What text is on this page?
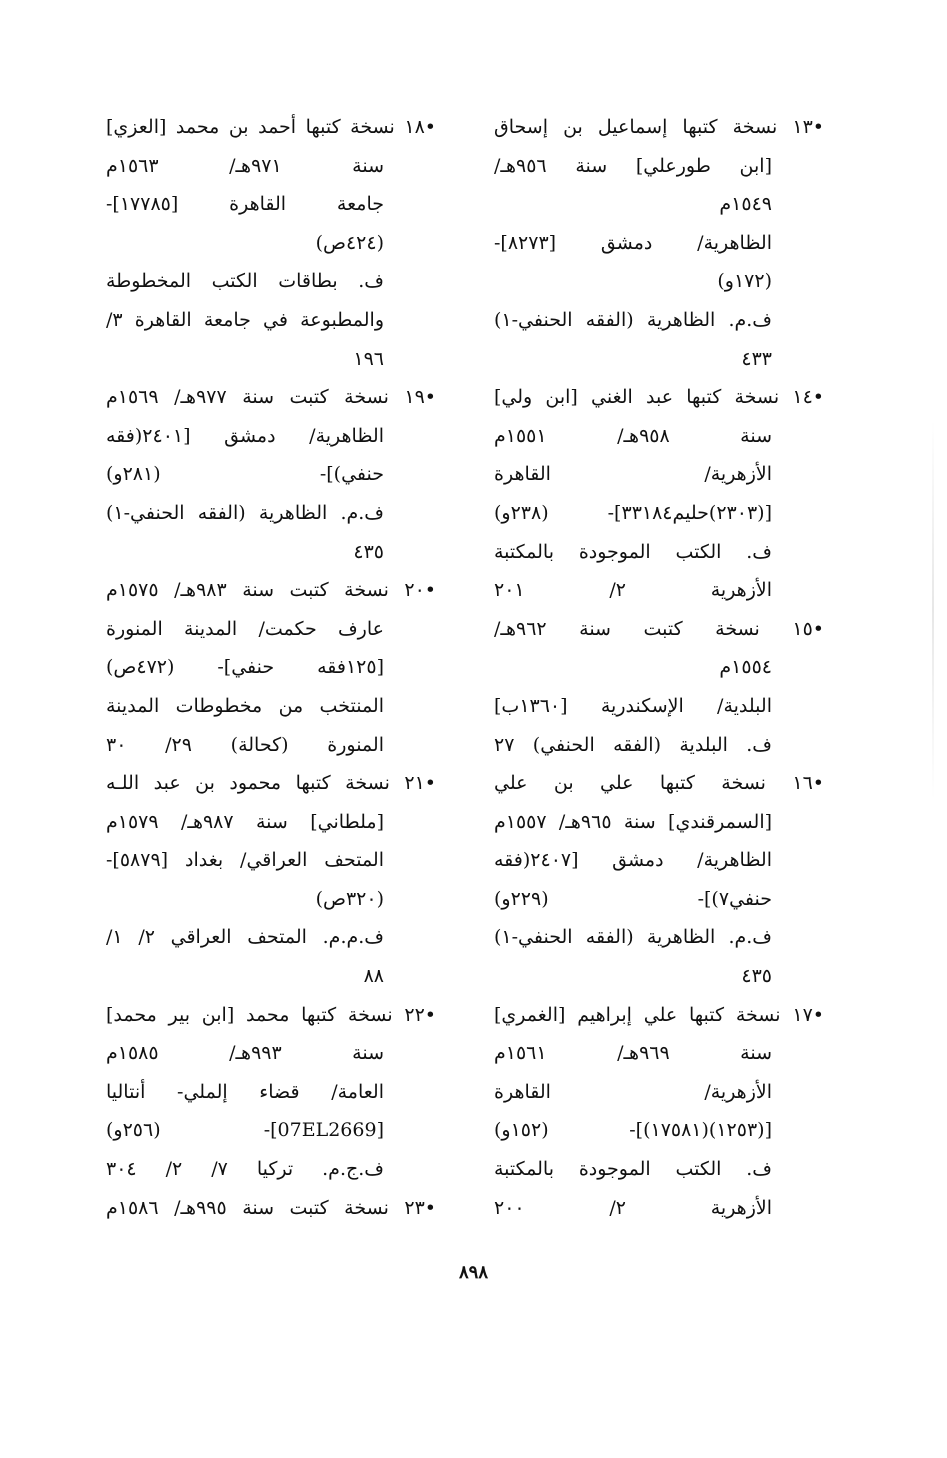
•١٣ نسخة كتبها إسماعيل بن إسحاق
[ابن طورعلي] سنة ٩٥٦هـ/
١٥٤٩م
الظاهرية/ دمشق [٨٢٧٣]-
(١٧٢و)
ف.م. الظاهرية (الفقه الحنفي-١)
٤٣٣
•١٤ نسخة كتبها عبد الغني [ابن ولي]
سنة ٩٥٨هـ/ ١٥٥١م
الأزهرية/ القاهرة
[(٢٣٠٣)حليم٣٣١٨٤]- (٢٣٨و)
ف. الكتب الموجودة بالمكتبة
الأزهرية ٢/ ٢٠١
•١٥ نسخة كتبت سنة ٩٦٢هـ/
١٥٥٤م
البلدية/ الإسكندرية [١٣٦٠ب]
ف. البلدية (الفقه الحنفي) ٢٧
•١٦ نسخة كتبها علي بن علي
[السمرقندي] سنة ٩٦٥هـ/ ١٥٥٧م
الظاهرية/ دمشق [٢٤٠٧(فقه
حنفي٧)]- (٢٢٩و)
ف.م. الظاهرية (الفقه الحنفي-١)
٤٣٥
•١٧ نسخة كتبها علي إبراهيم [الغمري]
سنة ٩٦٩هـ/ ١٥٦١م
الأزهرية/ القاهرة
[(١٢٥٣)(١٧٥٨١)]- (١٥٢و)
ف. الكتب الموجودة بالمكتبة
الأزهرية ٢/ ٢٠٠
•١٨ نسخة كتبها أحمد بن محمد [العزي]
سنة ٩٧١هـ/ ١٥٦٣م
جامعة القاهرة [١٧٧٨٥]-
(٤٢٤ص)
ف. بطاقات الكتب المخطوطة
والمطبوعة في جامعة القاهرة ٣/
١٩٦
•١٩ نسخة كتبت سنة ٩٧٧هـ/ ١٥٦٩م
الظاهرية/ دمشق [٢٤٠١(فقه
حنفي)]- (٢٨١و)
ف.م. الظاهرية (الفقه الحنفي-١)
٤٣٥
•٢٠ نسخة كتبت سنة ٩٨٣هـ/ ١٥٧٥م
عارف حكمت/ المدينة المنورة
[١٢٥فقه حنفي]- (٤٧٢ص)
المنتخب من مخطوطات المدينة
المنورة (كحالة) ٢٩/ ٣٠
•٢١ نسخة كتبها محمود بن عبد اللـه
[ملطاني] سنة ٩٨٧هـ/ ١٥٧٩م
المتحف العراقي/ بغداد [٥٨٧٩]-
(٣٢٠ص)
ف.م.م. المتحف العراقي ٢/ ١/
٨٨
•٢٢ نسخة كتبها محمد [ابن بير محمد]
سنة ٩٩٣هـ/ ١٥٨٥م
العامة/ قضاء إلملي- أنتاليا
[07EL2669]- (٢٥٦و)
ف.ج.م. تركيا ٧/ ٢/ ٣٠٤
•٢٣ نسخة كتبت سنة ٩٩٥هـ/ ١٥٨٦م
٨٩٨
